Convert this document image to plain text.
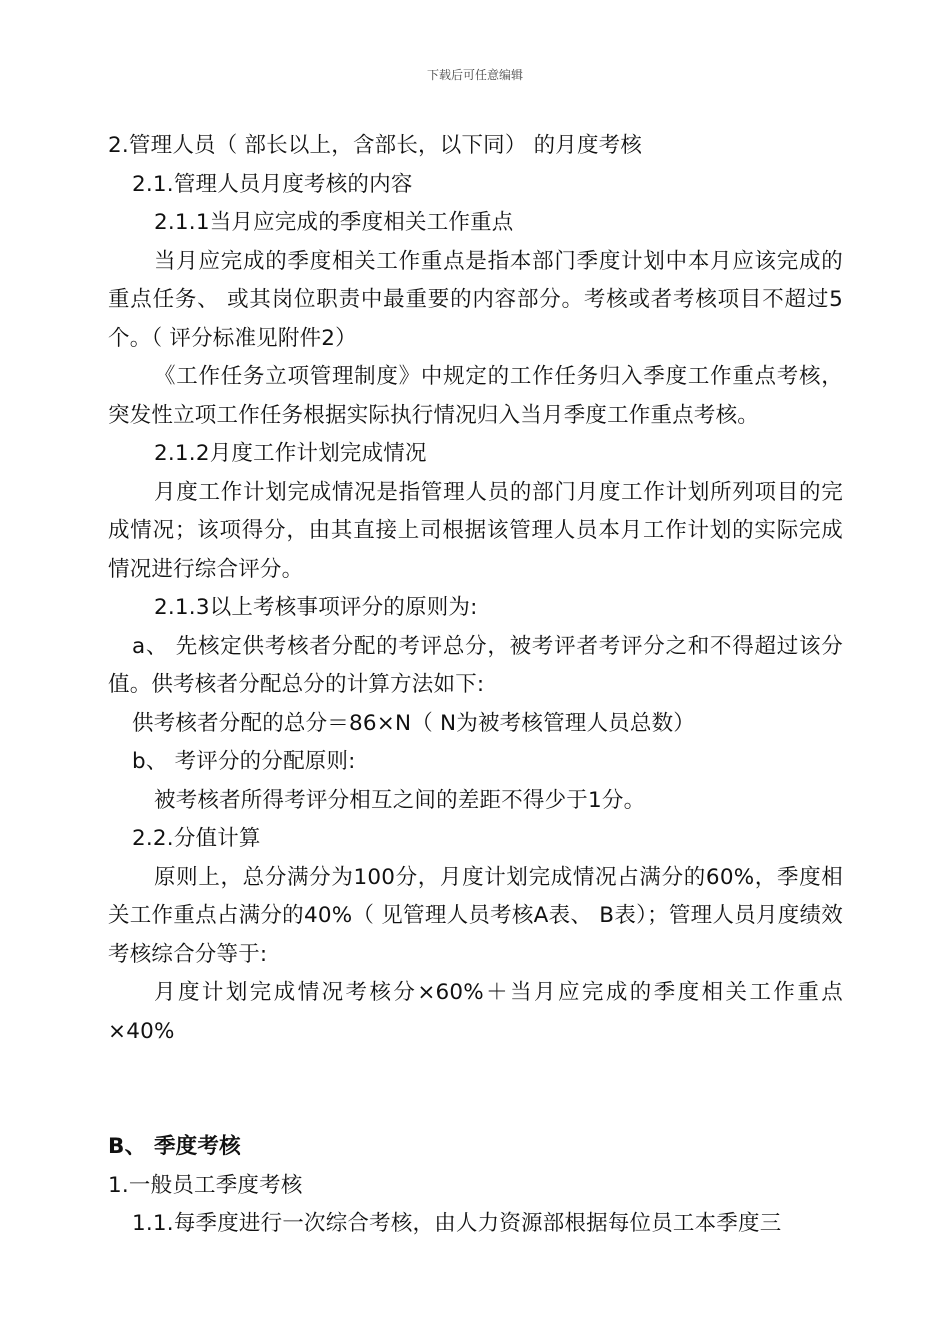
下载后可任意编辑
2.管理人员（ 部长以上，含部长，以下同） 的月度考核
2.1.管理人员月度考核的内容
2.1.1当月应完成的季度相关工作重点
当月应完成的季度相关工作重点是指本部门季度计划中本月应该完成的重点任务、 或其岗位职责中最重要的内容部分。考核或者考核项目不超过5个。（ 评分标准见附件2）
《工作任务立项管理制度》中规定的工作任务归入季度工作重点考核，突发性立项工作任务根据实际执行情况归入当月季度工作重点考核。
2.1.2月度工作计划完成情况
月度工作计划完成情况是指管理人员的部门月度工作计划所列项目的完成情况；该项得分，由其直接上司根据该管理人员本月工作计划的实际完成情况进行综合评分。
2.1.3以上考核事项评分的原则为:
a、 先核定供考核者分配的考评总分，被考评者考评分之和不得超过该分值。供考核者分配总分的计算方法如下:
供考核者分配的总分＝86×N（ N为被考核管理人员总数）
b、 考评分的分配原则:
被考核者所得考评分相互之间的差距不得少于1分。
2.2.分值计算
原则上，总分满分为100分，月度计划完成情况占满分的60%，季度相关工作重点占满分的40%（ 见管理人员考核A表、 B表）；管理人员月度绩效考核综合分等于:
月度计划完成情况考核分×60%＋当月应完成的季度相关工作重点×40%
B、 季度考核
1.一般员工季度考核
1.1.每季度进行一次综合考核，由人力资源部根据每位员工本季度三
